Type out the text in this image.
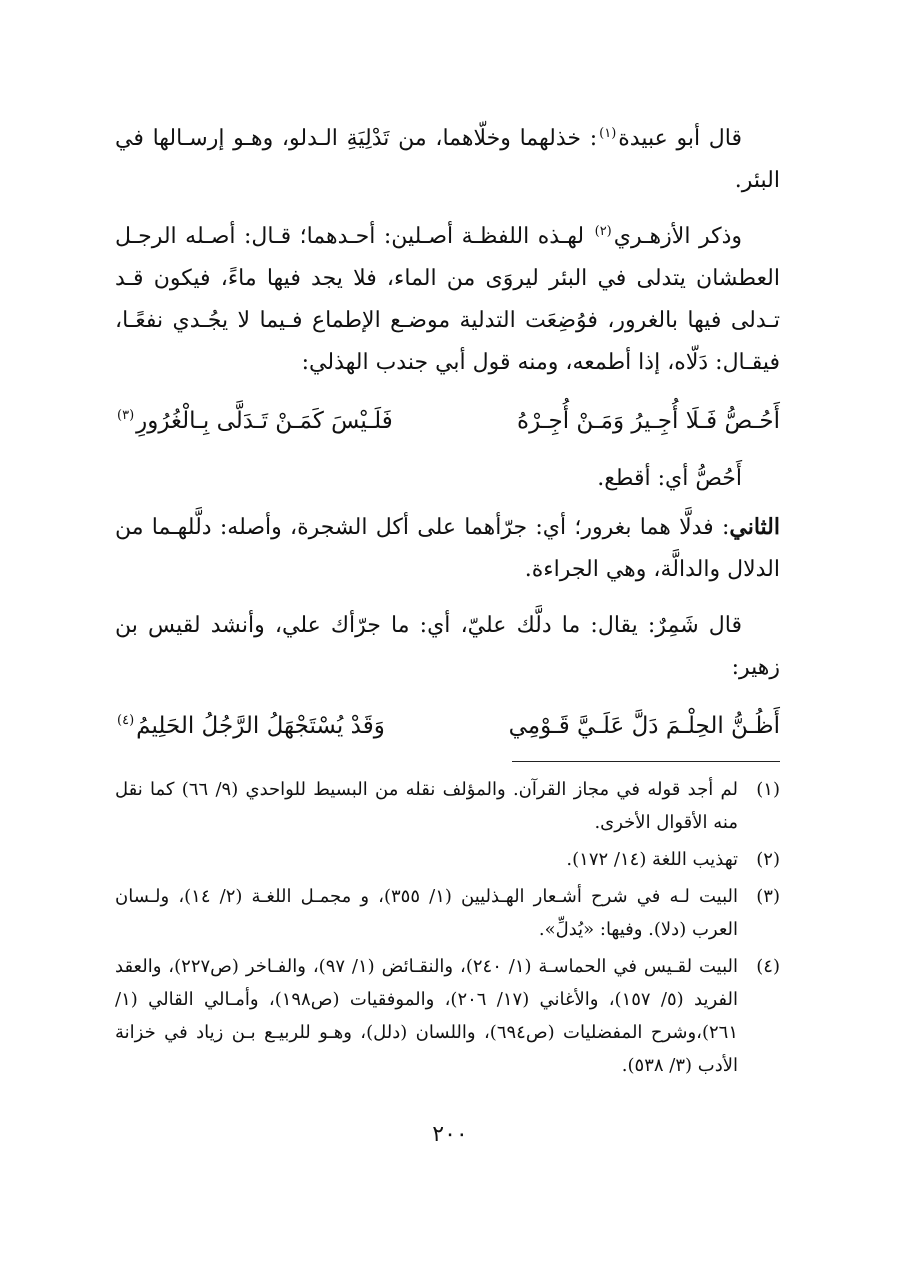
قال أبو عبيدة$^{(١)}$: خذلهما وخلّاهما، من تَدْلِيَةِ الـدلو، وهـو إرسـالها في البئر.

وذكر الأزهـري$^{(٢)}$ لهـذه اللفظـة أصـلين: أحـدهما؛ قـال: أصـله الرجـل العطشان يتدلى في البئر ليروَى من الماء، فلا يجد فيها ماءً، فيكون قـد تـدلى فيها بالغرور، فوُضِعَت التدلية موضـع الإطماع فـيما لا يجُـدي نفعًـا، فيقـال: دَلّاه، إذا أطمعه، ومنه قول أبي جندب الهذلي:

أَحُـصُّ فَـلَا أُجِـيرُ وَمَـنْ أُجِـرْهُ
فَلَـيْسَ كَمَـنْ تَـدَلَّى بِـالْغُرُورِ$^{(٣)}$

أَحُصُّ أي: أقطع.

الثاني: فدلَّا هما بغرور؛ أي: جرّأهما على أكل الشجرة، وأصله: دلَّلهـما من الدلال والدالَّة، وهي الجراءة.

قال شَمِرٌ: يقال: ما دلَّك عليّ، أي: ما جرّأك علي، وأنشد لقيس بن زهير:

أَظُـنُّ الحِلْـمَ دَلَّ عَلَـيَّ قَـوْمِي
وَقَدْ يُسْتَجْهَلُ الرَّجُلُ الحَلِيمُ$^{(٤)}$
(١)
لم أجد قوله في مجاز القرآن. والمؤلف نقله من البسيط للواحدي (٩/ ٦٦) كما نقل منه الأقوال الأخرى.
(٢)
تهذيب اللغة (١٤/ ١٧٢).
(٣)
البيت لـه في شرح أشـعار الهـذليين (١/ ٣٥٥)، و مجمـل اللغـة (٢/ ١٤)، ولـسان العرب (دلا). وفيها: «يُدلِّ».
(٤)
البيت لقـيس في الحماسـة (١/ ٢٤٠)، والنقـائض (١/ ٩٧)، والفـاخر (ص٢٢٧)، والعقد الفريد (٥/ ١٥٧)، والأغاني (١٧/ ٢٠٦)، والموفقيات (ص١٩٨)، وأمـالي القالي (١/ ٢٦١)،وشرح المفضليات (ص٦٩٤)، واللسان (دلل)، وهـو للربيـع بـن زياد في خزانة الأدب (٣/ ٥٣٨).
٢٠٠
